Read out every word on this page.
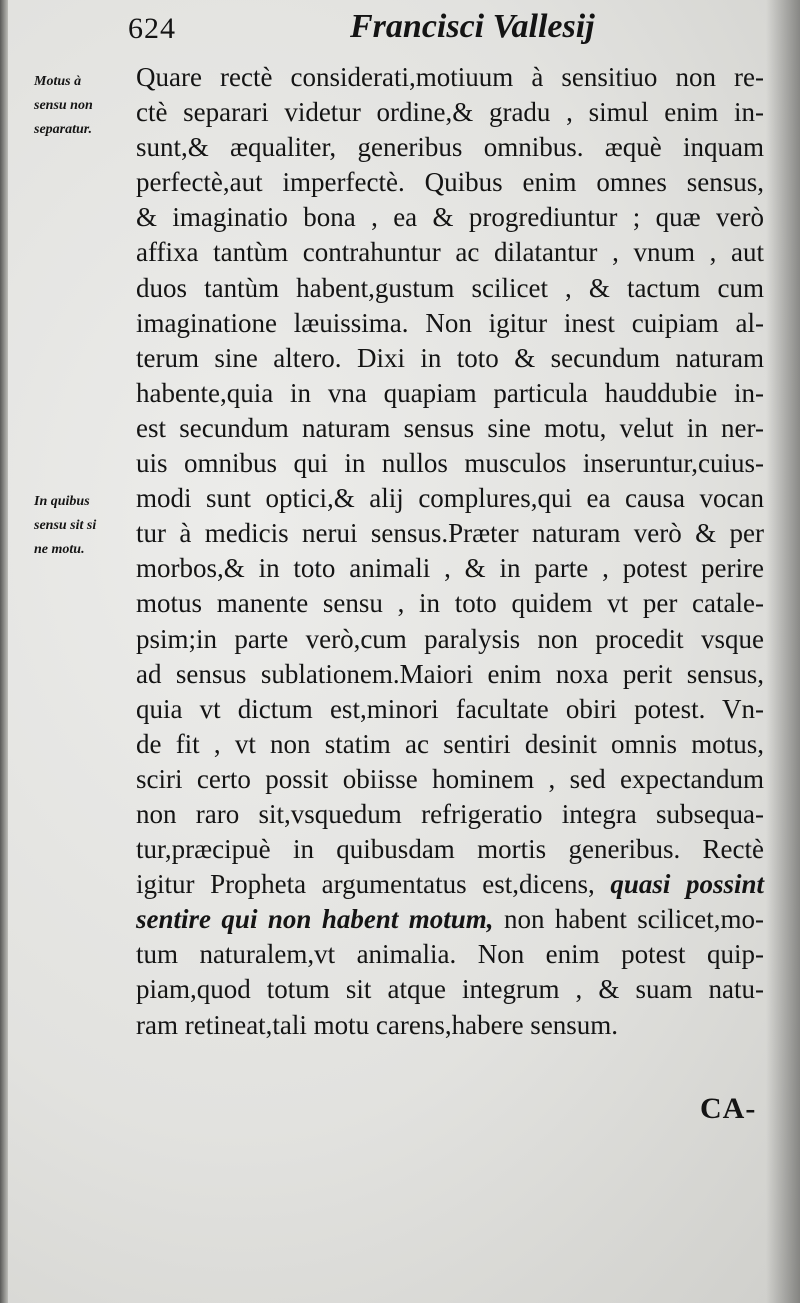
624	Francisci Vallesij
Motus à
sensu non
separatur.
In quibus
sensu sit si
ne motu.
Quare rectè considerati,motiuum à sensitiuo non re-
ctè separari videtur ordine,& gradu , simul enim in-
sunt,& æqualiter, generibus omnibus. æquè inquam
perfectè,aut imperfectè. Quibus enim omnes sensus,
& imaginatio bona , ea & progrediuntur ; quæ verò
affixa tantùm contrahuntur ac dilatantur , vnum , aut
duos tantùm habent,gustum scilicet , & tactum cum
imaginatione læuissima. Non igitur inest cuipiam al-
terum sine altero. Dixi in toto & secundum naturam
habente,quia in vna quapiam particula hauddubie in-
est secundum naturam sensus sine motu, velut in ner-
uis omnibus qui in nullos musculos inseruntur,cuius-
modi sunt optici,& alij complures,qui ea causa vocan
tur à medicis nerui sensus.Præter naturam verò & per
morbos,& in toto animali , & in parte , potest perire
motus manente sensu , in toto quidem vt per catale-
psim;in parte verò,cum paralysis non procedit vsque
ad sensus sublationem.Maiori enim noxa perit sensus,
quia vt dictum est,minori facultate obiri potest. Vn-
de fit , vt non statim ac sentiri desinit omnis motus,
sciri certo possit obiisse hominem , sed expectandum
non raro sit,vsquedum refrigeratio integra subsequa-
tur,præcipuè in quibusdam mortis generibus. Rectè
igitur Propheta argumentatus est,dicens, quasi possint
sentire qui non habent motum, non habent scilicet,mo-
tum naturalem,vt animalia. Non enim potest quip-
piam,quod totum sit atque integrum , & suam natu-
ram retineat,tali motu carens,habere sensum.
CA-
